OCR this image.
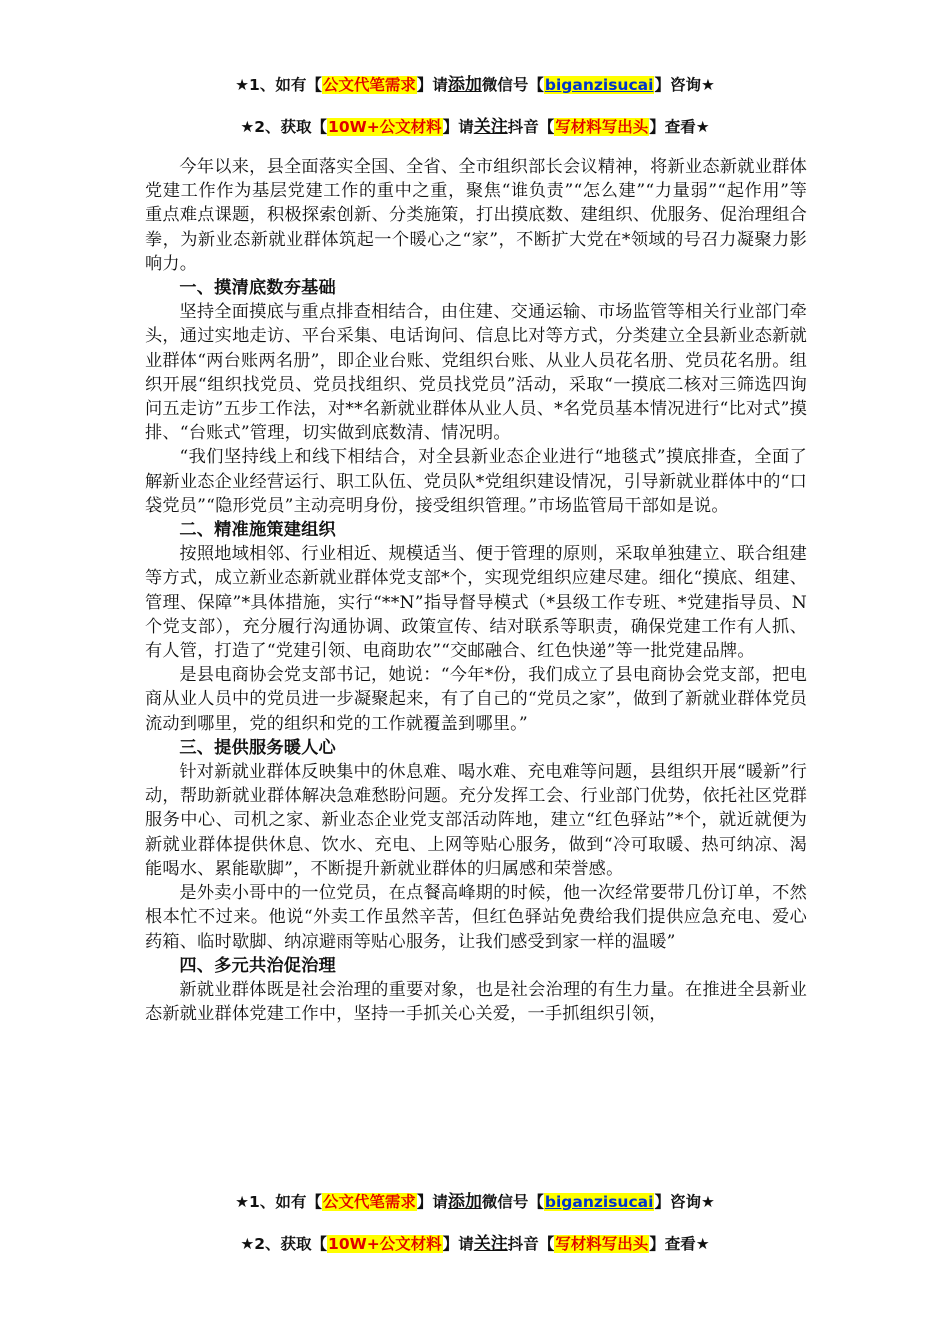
★1、如有【公文代笔需求】请添加微信号【biganzisucai】咨询★
★2、获取【10W+公文材料】请关注抖音【写材料写出头】查看★

今年以来，县全面落实全国、全省、全市组织部长会议精神，将新业态新就业群体党建工作作为基层党建工作的重中之重，聚焦“谁负责”“怎么建”“力量弱”“起作用”等重点难点课题，积极探索创新、分类施策，打出摸底数、建组织、优服务、促治理组合拳，为新业态新就业群体筑起一个暖心之“家”，不断扩大党在*领域的号召力凝聚力影响力。

一、摸清底数夯基础

坚持全面摸底与重点排查相结合，由住建、交通运输、市场监管等相关行业部门牵头，通过实地走访、平台采集、电话询问、信息比对等方式，分类建立全县新业态新就业群体“两台账两名册”，即企业台账、党组织台账、从业人员花名册、党员花名册。组织开展“组织找党员、党员找组织、党员找党员”活动，采取“一摸底二核对三筛选四询问五走访”五步工作法，对**名新就业群体从业人员、*名党员基本情况进行“比对式”摸排、“台账式”管理，切实做到底数清、情况明。

“我们坚持线上和线下相结合，对全县新业态企业进行“地毯式”摸底排查，全面了解新业态企业经营运行、职工队伍、党员队*党组织建设情况，引导新就业群体中的“口袋党员”“隐形党员”主动亮明身份，接受组织管理。”市场监管局干部如是说。

二、精准施策建组织

按照地域相邻、行业相近、规模适当、便于管理的原则，采取单独建立、联合组建等方式，成立新业态新就业群体党支部*个，实现党组织应建尽建。细化“摸底、组建、管理、保障”*具体措施，实行“**N”指导督导模式（*县级工作专班、*党建指导员、N个党支部），充分履行沟通协调、政策宣传、结对联系等职责，确保党建工作有人抓、有人管，打造了“党建引领、电商助农”“交邮融合、红色快递”等一批党建品牌。

是县电商协会党支部书记，她说：“今年*份，我们成立了县电商协会党支部，把电商从业人员中的党员进一步凝聚起来，有了自己的“党员之家”，做到了新就业群体党员流动到哪里，党的组织和党的工作就覆盖到哪里。”

三、提供服务暖人心

针对新就业群体反映集中的休息难、喝水难、充电难等问题，县组织开展“暖新”行动，帮助新就业群体解决急难愁盼问题。充分发挥工会、行业部门优势，依托社区党群服务中心、司机之家、新业态企业党支部活动阵地，建立“红色驿站”*个，就近就便为新就业群体提供休息、饮水、充电、上网等贴心服务，做到“冷可取暖、热可纳凉、渴能喝水、累能歇脚”，不断提升新就业群体的归属感和荣誉感。

是外卖小哥中的一位党员，在点餐高峰期的时候，他一次经常要带几份订单，不然根本忙不过来。他说“外卖工作虽然辛苦，但红色驿站免费给我们提供应急充电、爱心药箱、临时歇脚、纳凉避雨等贴心服务，让我们感受到家一样的温暖”

四、多元共治促治理

新就业群体既是社会治理的重要对象，也是社会治理的有生力量。在推进全县新业态新就业群体党建工作中，坚持一手抓关心关爱，一手抓组织引领，

★1、如有【公文代笔需求】请添加微信号【biganzisucai】咨询★
★2、获取【10W+公文材料】请关注抖音【写材料写出头】查看★
